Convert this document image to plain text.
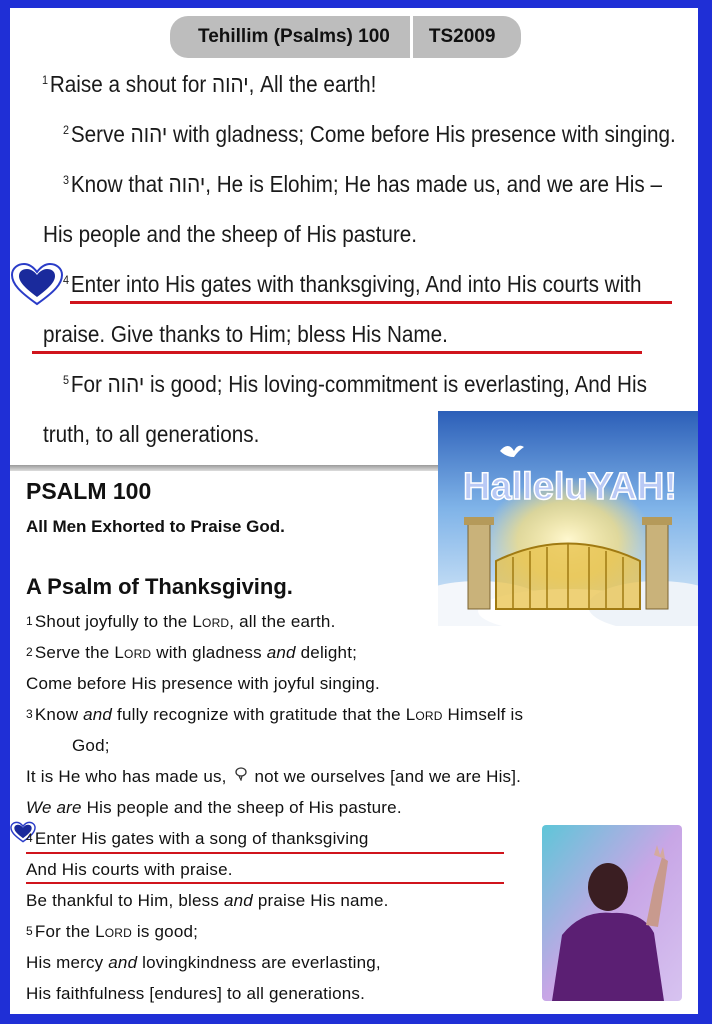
Tehillim (Psalms) 100	TS2009
$^1$Raise a shout for יהוה, All the earth!
$^2$Serve יהוה with gladness; Come before His presence with singing.
$^3$Know that יהוה, He is Elohim; He has made us, and we are His –
His people and the sheep of His pasture.
$^4$Enter into His gates with thanksgiving, And into His courts with
praise. Give thanks to Him; bless His Name.
$^5$For יהוה is good; His loving-commitment is everlasting, And His
truth, to all generations.
HalleluYAH!
PSALM 100
All Men Exhorted to Praise God.
A Psalm of Thanksgiving.
$^1$ Shout joyfully to the Lord, all the earth.
$^2$ Serve the Lord with gladness and delight;
Come before His presence with joyful singing.
$^3$ Know and fully recognize with gratitude that the Lord Himself is
God;
It is He who has made us,  not we ourselves [and we are His].
We are His people and the sheep of His pasture.
$^4$ Enter His gates with a song of thanksgiving
And His courts with praise.
Be thankful to Him, bless and praise His name.
$^5$ For the Lord is good;
His mercy and lovingkindness are everlasting,
His faithfulness [endures] to all generations.
